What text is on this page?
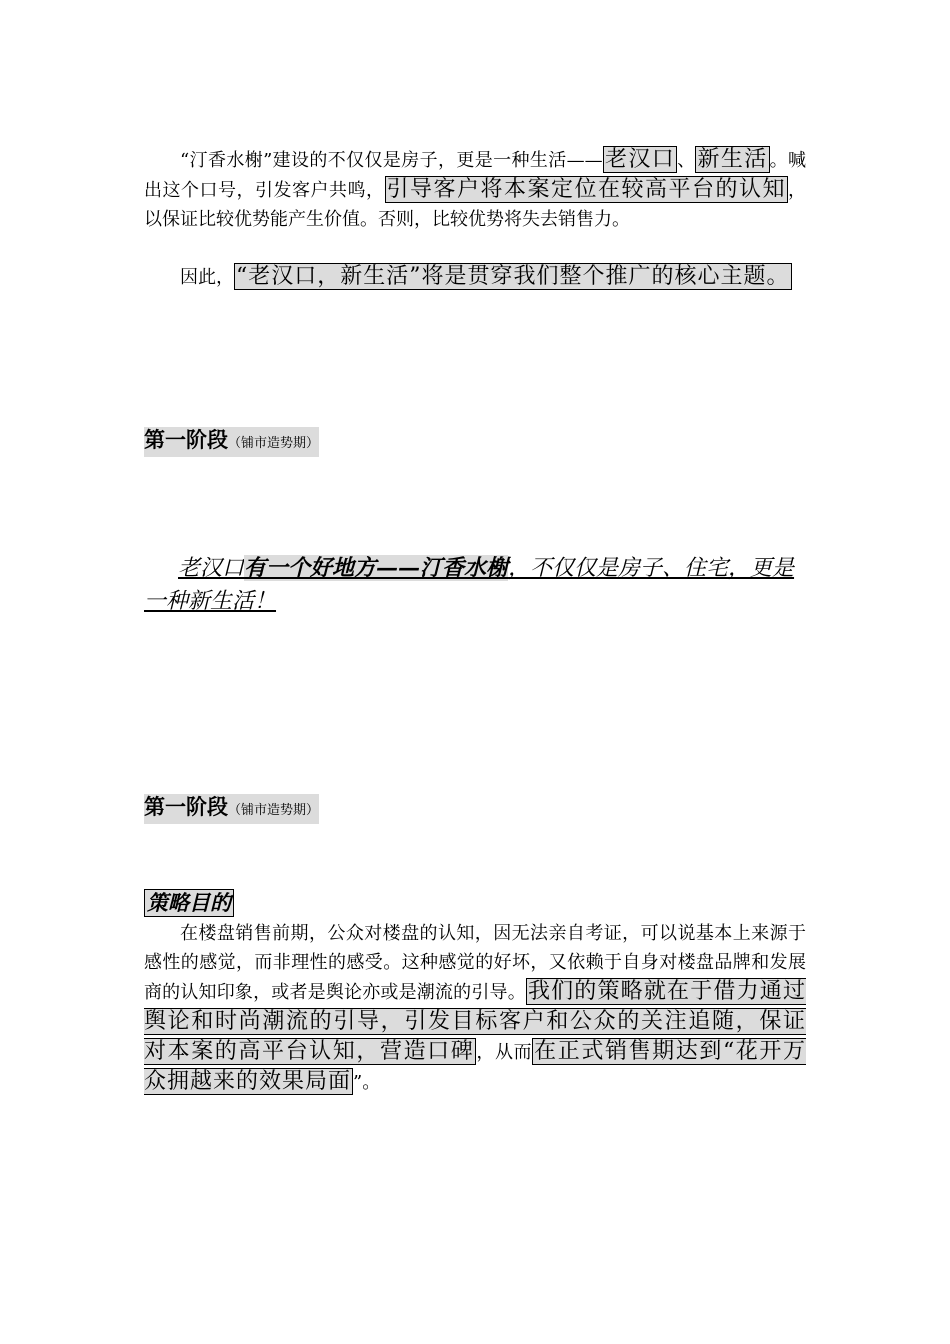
“汀香水榭”建设的不仅仅是房子，更是一种生活——老汉口 、新生活 。喊出这个口号，引发客户共鸣，引导客户将本案定位在较高平台的认知 ，以保证比较优势能产生价值。否则，比较优势将失去销售力。
因此，“老汉口，新生活”将是贯穿我们整个推广的核心主题。
第一阶段（铺市造势期）
老汉口有一个好地方——汀香水榭，不仅仅是房子、住宅，更是一种新生活！
第一阶段（铺市造势期）
策略目的
在楼盘销售前期，公众对楼盘的认知，因无法亲自考证，可以说基本上来源于感性的感觉，而非理性的感受。这种感觉的好坏，又依赖于自身对楼盘品牌和发展商的认知印象，或者是舆论亦或是潮流的引导。我们的策略就在于借力通过舆论和时尚潮流的引导，引发目标客户和公众的关注追随，保证对本案的高平台认知，营造口碑 ，从而在正式销售期达到“花开万众拥越来的效果局面 ”。
